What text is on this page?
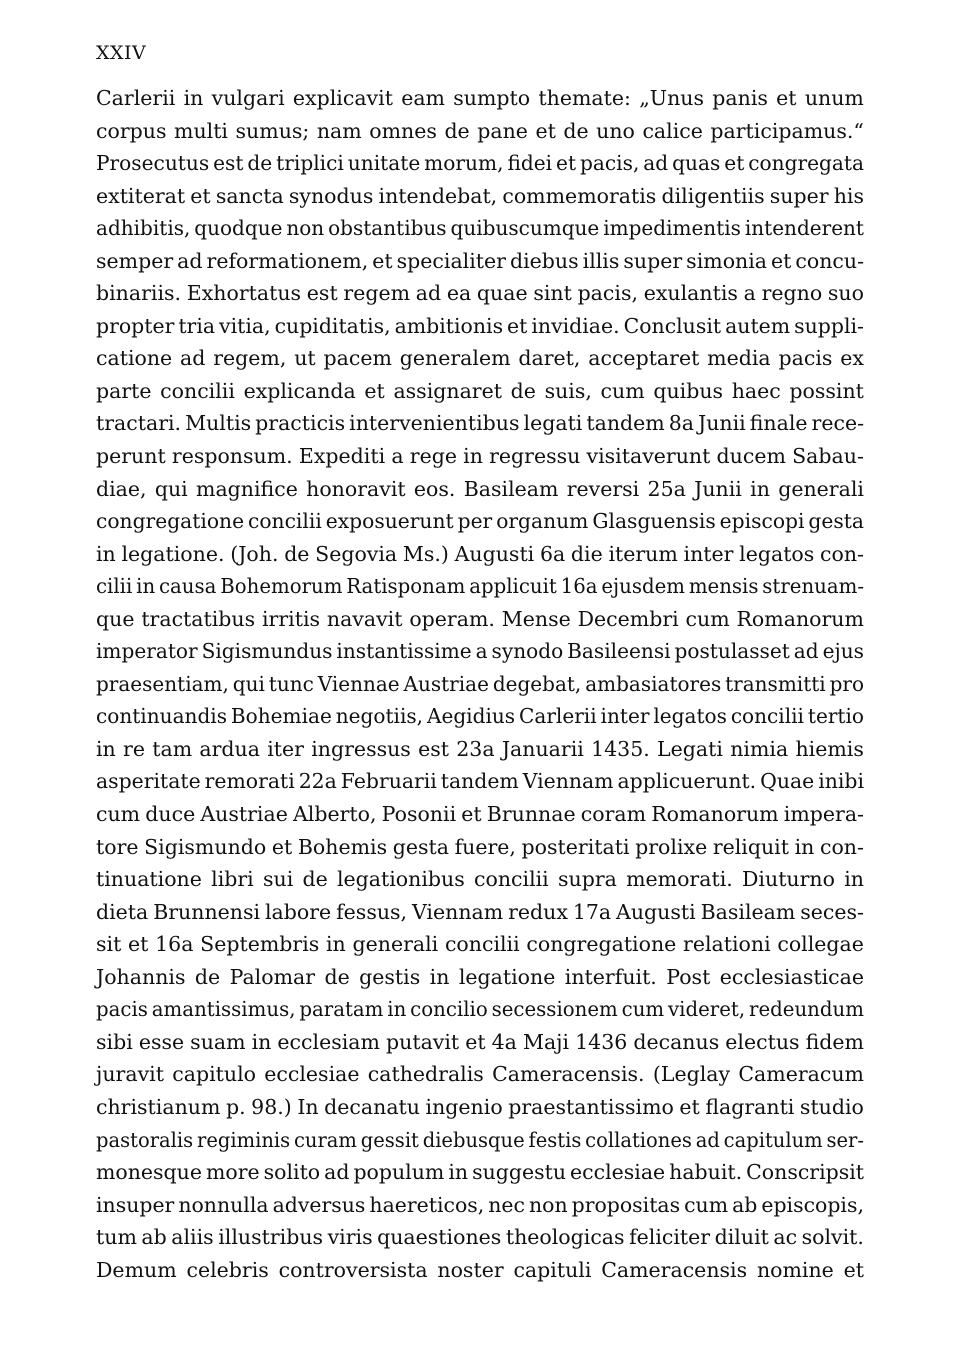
XXIV
Carlerii in vulgari explicavit eam sumpto themate: „Unus panis et unum
corpus multi sumus; nam omnes de pane et de uno calice participamus.“
Prosecutus est de triplici unitate morum, fidei et pacis, ad quas et congregata
extiterat et sancta synodus intendebat, commemoratis diligentiis super his
adhibitis, quodque non obstantibus quibuscumque impedimentis intenderent
semper ad reformationem, et specialiter diebus illis super simonia et concu-
binariis. Exhortatus est regem ad ea quae sint pacis, exulantis a regno suo
propter tria vitia, cupiditatis, ambitionis et invidiae. Conclusit autem suppli-
catione ad regem, ut pacem generalem daret, acceptaret media pacis ex
parte concilii explicanda et assignaret de suis, cum quibus haec possint
tractari. Multis practicis intervenientibus legati tandem 8a Junii finale rece-
perunt responsum. Expediti a rege in regressu visitaverunt ducem Sabau-
diae, qui magnifice honoravit eos. Basileam reversi 25a Junii in generali
congregatione concilii exposuerunt per organum Glasguensis episcopi gesta
in legatione. (Joh. de Segovia Ms.) Augusti 6a die iterum inter legatos con-
cilii in causa Bohemorum Ratisponam applicuit 16a ejusdem mensis strenuam-
que tractatibus irritis navavit operam. Mense Decembri cum Romanorum
imperator Sigismundus instantissime a synodo Basileensi postulasset ad ejus
praesentiam, qui tunc Viennae Austriae degebat, ambasiatores transmitti pro
continuandis Bohemiae negotiis, Aegidius Carlerii inter legatos concilii tertio
in re tam ardua iter ingressus est 23a Januarii 1435. Legati nimia hiemis
asperitate remorati 22a Februarii tandem Viennam applicuerunt. Quae inibi
cum duce Austriae Alberto, Posonii et Brunnae coram Romanorum impera-
tore Sigismundo et Bohemis gesta fuere, posteritati prolixe reliquit in con-
tinuatione libri sui de legationibus concilii supra memorati. Diuturno in
dieta Brunnensi labore fessus, Viennam redux 17a Augusti Basileam seces-
sit et 16a Septembris in generali concilii congregatione relationi collegae
Johannis de Palomar de gestis in legatione interfuit. Post ecclesiasticae
pacis amantissimus, paratam in concilio secessionem cum videret, redeundum
sibi esse suam in ecclesiam putavit et 4a Maji 1436 decanus electus fidem
juravit capitulo ecclesiae cathedralis Cameracensis. (Leglay Cameracum
christianum p. 98.) In decanatu ingenio praestantissimo et flagranti studio
pastoralis regiminis curam gessit diebusque festis collationes ad capitulum ser-
monesque more solito ad populum in suggestu ecclesiae habuit. Conscripsit
insuper nonnulla adversus haereticos, nec non propositas cum ab episcopis,
tum ab aliis illustribus viris quaestiones theologicas feliciter diluit ac solvit.
Demum celebris controversista noster capituli Cameracensis nomine et
